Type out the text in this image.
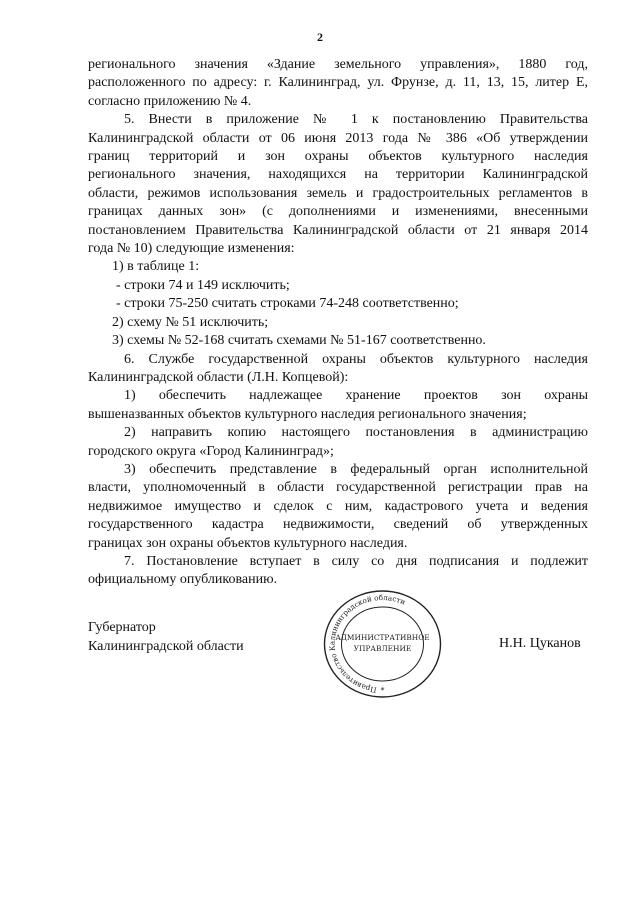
2
регионального значения «Здание земельного управления», 1880 год,
расположенного по адресу: г. Калининград, ул. Фрунзе, д. 11, 13, 15, литер Е,
согласно приложению № 4.
5. Внести в приложение № 1 к постановлению Правительства
Калининградской области от 06 июня 2013 года № 386 «Об утверждении
границ территорий и зон охраны объектов культурного наследия
регионального значения, находящихся на территории Калининградской
области, режимов использования земель и градостроительных регламентов в
границах данных зон» (с дополнениями и изменениями, внесенными
постановлением Правительства Калининградской области от 21 января 2014
года № 10) следующие изменения:
1) в таблице 1:
- строки 74 и 149 исключить;
- строки 75-250 считать строками 74-248 соответственно;
2) схему № 51 исключить;
3) схемы № 52-168 считать схемами № 51-167 соответственно.
6. Службе государственной охраны объектов культурного наследия
Калининградской области (Л.Н. Копцевой):
1) обеспечить надлежащее хранение проектов зон охраны
вышеназванных объектов культурного наследия регионального значения;
2) направить копию настоящего постановления в администрацию
городского округа «Город Калининград»;
3) обеспечить представление в федеральный орган исполнительной
власти, уполномоченный в области государственной регистрации прав на
недвижимое имущество и сделок с ним, кадастрового учета и ведения
государственного кадастра недвижимости, сведений об утвержденных
границах зон охраны объектов культурного наследия.
7. Постановление вступает в силу со дня подписания и подлежит
официальному опубликованию.
Губернатор
Калининградской области
Правительство Калининградской области
АДМИНИСТРАТИВНОЕ
УПРАВЛЕНИЕ
*
Н.Н. Цуканов
